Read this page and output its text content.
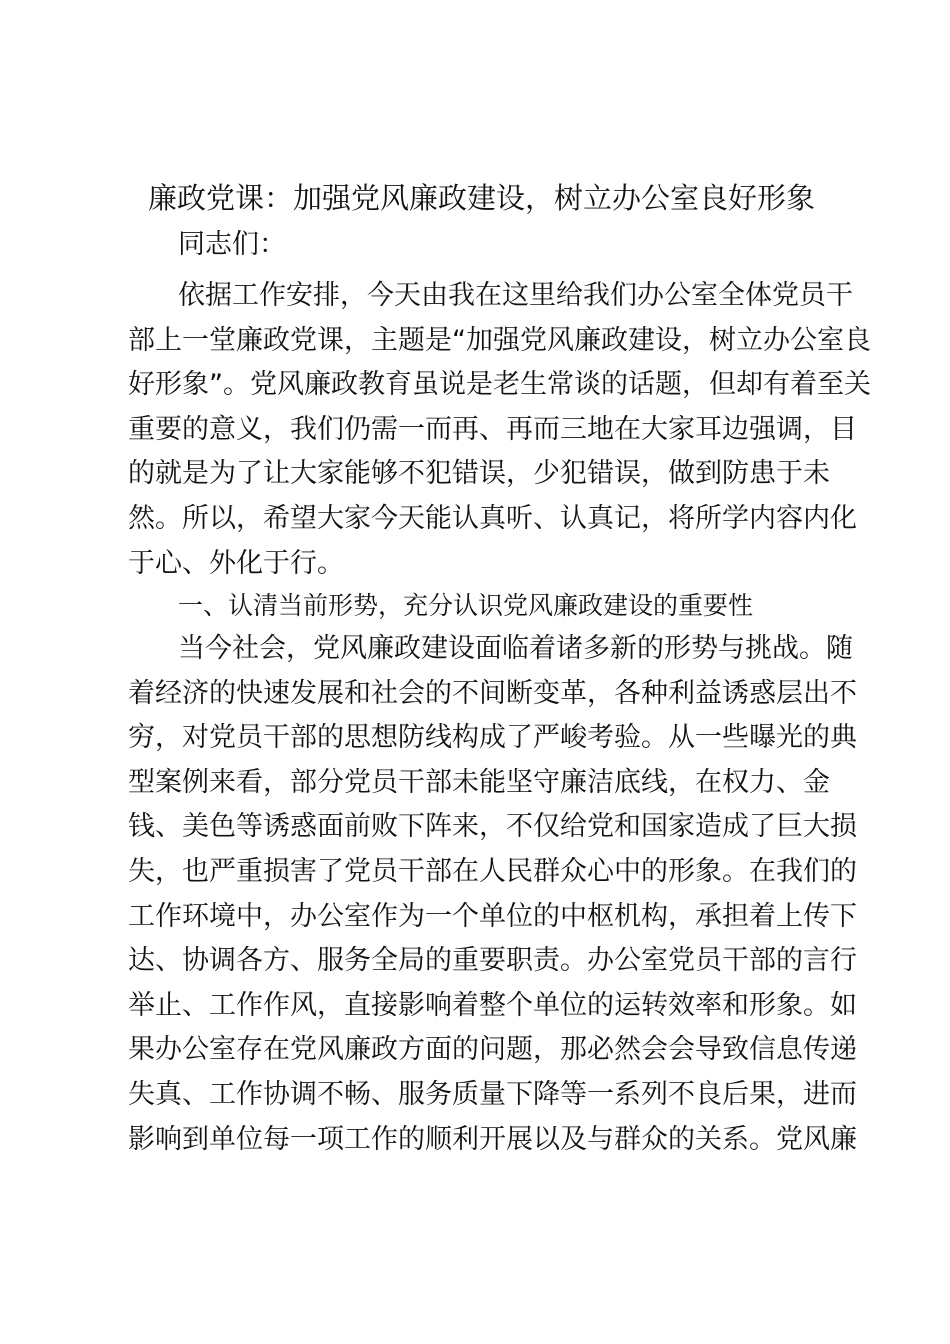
廉政党课：加强党风廉政建设，树立办公室良好形象
同志们：
依据工作安排，今天由我在这里给我们办公室全体党员干
部上一堂廉政党课，主题是“加强党风廉政建设，树立办公室良
好形象”。党风廉政教育虽说是老生常谈的话题，但却有着至关
重要的意义，我们仍需一而再、再而三地在大家耳边强调，目
的就是为了让大家能够不犯错误，少犯错误，做到防患于未
然。所以，希望大家今天能认真听、认真记，将所学内容内化
于心、外化于行。
一、认清当前形势，充分认识党风廉政建设的重要性
当今社会，党风廉政建设面临着诸多新的形势与挑战。随
着经济的快速发展和社会的不间断变革，各种利益诱惑层出不
穷，对党员干部的思想防线构成了严峻考验。从一些曝光的典
型案例来看，部分党员干部未能坚守廉洁底线，在权力、金
钱、美色等诱惑面前败下阵来，不仅给党和国家造成了巨大损
失，也严重损害了党员干部在人民群众心中的形象。在我们的
工作环境中，办公室作为一个单位的中枢机构，承担着上传下
达、协调各方、服务全局的重要职责。办公室党员干部的言行
举止、工作作风，直接影响着整个单位的运转效率和形象。如
果办公室存在党风廉政方面的问题，那必然会会导致信息传递
失真、工作协调不畅、服务质量下降等一系列不良后果，进而
影响到单位每一项工作的顺利开展以及与群众的关系。党风廉
